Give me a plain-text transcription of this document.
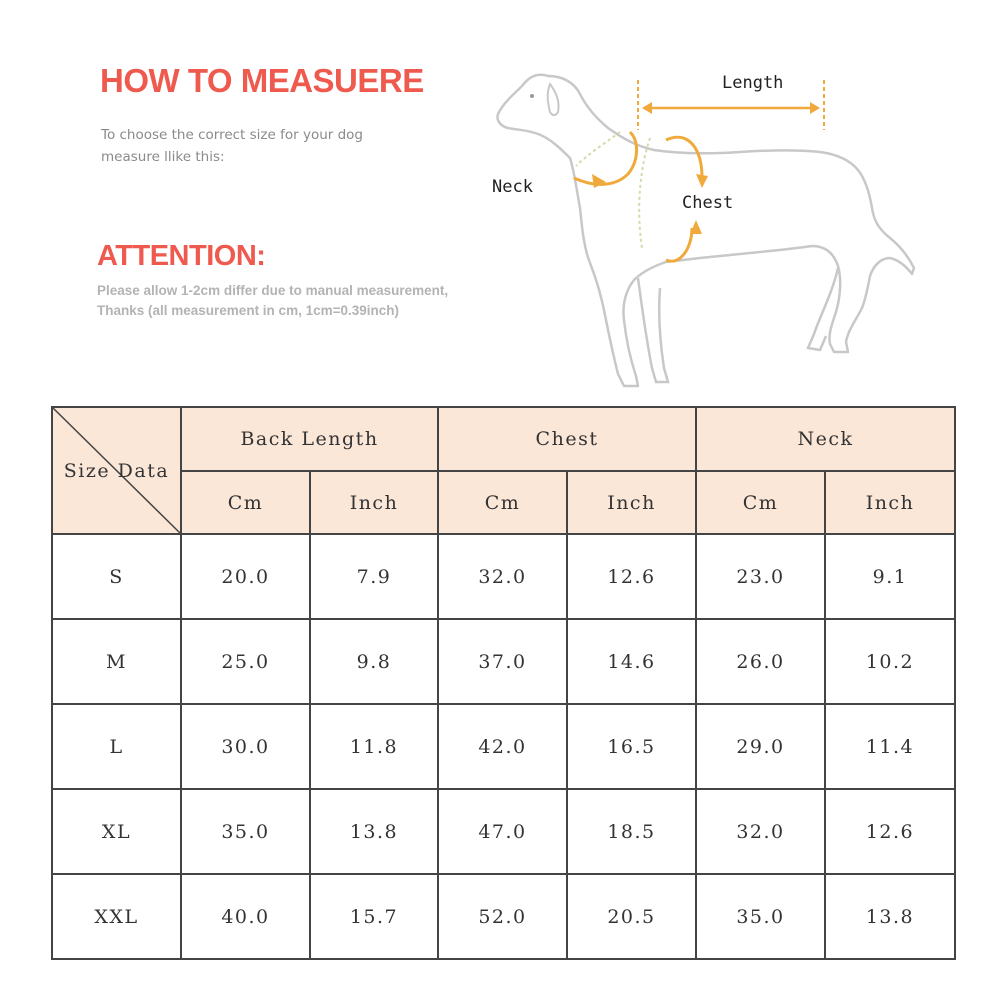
HOW TO MEASUERE

To choose the correct size for your dog
measure llike this:

ATTENTION:

Please allow 1-2cm differ due to manual measurement,
Thanks (all measurement in cm, 1cm=0.39inch)

Length
Neck
Chest
Size Data	Back Length		Chest		Neck	
	Cm	Inch	Cm	Inch	Cm	Inch
S	20.0	7.9	32.0	12.6	23.0	9.1
M	25.0	9.8	37.0	14.6	26.0	10.2
L	30.0	11.8	42.0	16.5	29.0	11.4
XL	35.0	13.8	47.0	18.5	32.0	12.6
XXL	40.0	15.7	52.0	20.5	35.0	13.8
